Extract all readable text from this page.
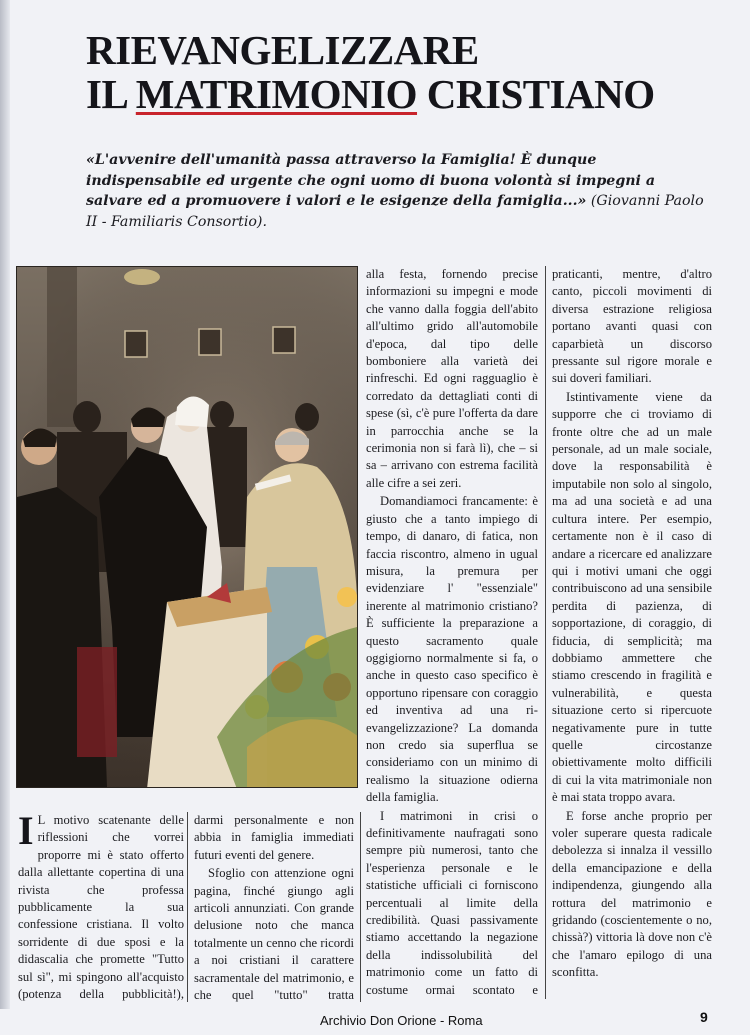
RIEVANGELIZZARE
IL MATRIMONIO CRISTIANO
«L'avvenire dell'umanità passa attraverso la Famiglia! È dunque indispensabile ed urgente che ogni uomo di buona volontà si impegni a salvare ed a promuovere i valori e le esigenze della famiglia...» (Giovanni Paolo II - Familiaris Consortio).

alla festa, fornendo precise informazioni su impegni e mode che vanno dalla foggia dell'abito all'ultimo grido all'automobile d'epoca, dal tipo delle bomboniere alla varietà dei rinfreschi. Ed ogni ragguaglio è corredato da dettagliati conti di spese (sì, c'è pure l'offerta da dare in parrocchia anche se la cerimonia non si farà lì), che – si sa – arrivano con estrema facilità alle cifre a sei zeri.

Domandiamoci francamente: è giusto che a tanto impiego di tempo, di danaro, di fatica, non faccia riscontro, almeno in ugual misura, la premura per evidenziare l' "essenziale" inerente al matrimonio cristiano? È sufficiente la preparazione a questo sacramento quale oggigiorno normalmente si fa, o anche in questo caso specifico è opportuno ripensare con coraggio ed inventiva ad una ri-evangelizzazione? La domanda non credo sia superflua se consideriamo con un minimo di realismo la situazione odierna della famiglia.

I matrimoni in crisi o definitivamente naufragati sono sempre più numerosi, tanto che l'esperienza personale e le statistiche ufficiali ci forniscono percentuali al limite della credibilità. Quasi passivamente stiamo accettando la negazione della indissolubilità del matrimonio come un fatto di costume ormai scontato e

praticanti, mentre, d'altro canto, piccoli movimenti di diversa estrazione religiosa portano avanti quasi con caparbietà un discorso pressante sul rigore morale e sui doveri familiari.

Istintivamente viene da supporre che ci troviamo di fronte oltre che ad un male personale, ad un male sociale, dove la responsabilità è imputabile non solo al singolo, ma ad una società e ad una cultura intere. Per esempio, certamente non è il caso di andare a ricercare ed analizzare qui i motivi umani che oggi contribuiscono ad una sensibile perdita di pazienza, di sopportazione, di coraggio, di fiducia, di semplicità; ma dobbiamo ammettere che stiamo crescendo in fragilità e vulnerabilità, e questa situazione certo si ripercuote negativamente pure in tutte quelle circostanze obiettivamente molto difficili di cui la vita matrimoniale non è mai stata troppo avara.

E forse anche proprio per voler superare questa radicale debolezza si innalza il vessillo della emancipazione e della indipendenza, giungendo alla rottura del matrimonio e gridando (coscientemente o no, chissà?) vittoria là dove non c'è che l'amaro epilogo di una sconfitta.

I L motivo scatenante delle riflessioni che vorrei proporre mi è stato offerto dalla allettante copertina di una rivista che professa pubblicamente la sua confessione cristiana. Il volto sorridente di due sposi e la didascalia che promette "Tutto sul sì", mi spingono all'acquisto (potenza della pubblicità!),

darmi personalmente e non abbia in famiglia immediati futuri eventi del genere.

Sfoglio con attenzione ogni pagina, finché giungo agli articoli annunziati. Con grande delusione noto che manca totalmente un cenno che ricordi a noi cristiani il carattere sacramentale del matrimonio, e che quel "tutto" tratta

Archivio Don Orione - Roma	9
